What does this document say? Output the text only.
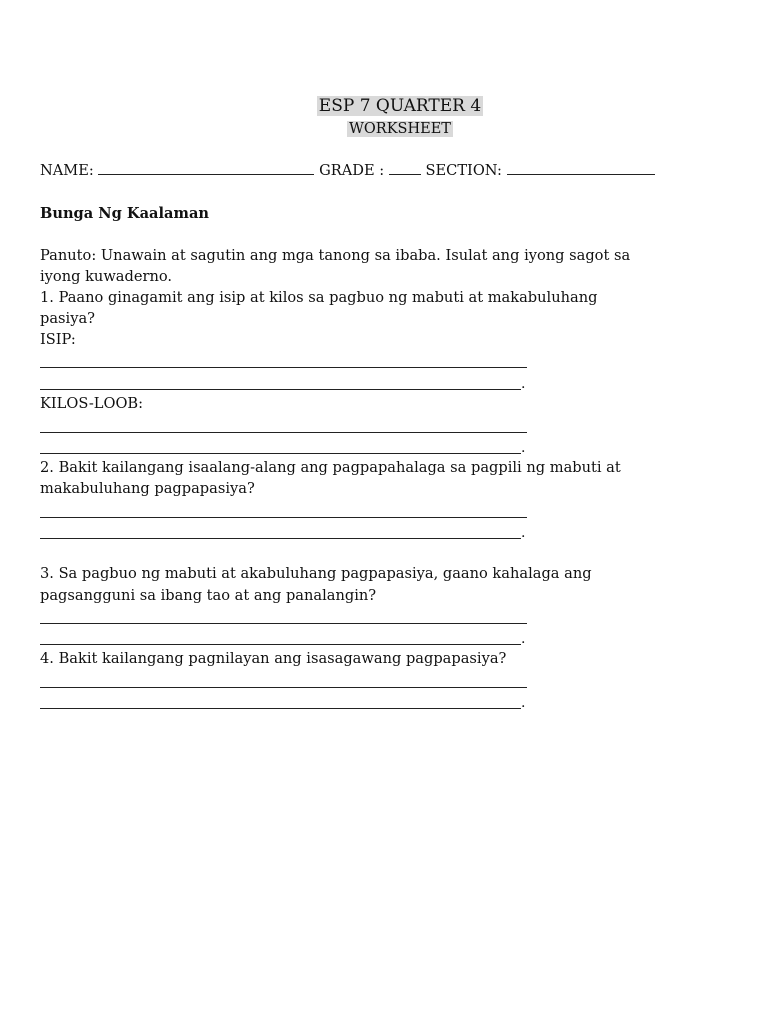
ESP 7 QUARTER 4
WORKSHEET
NAME:	GRADE :	SECTION:
Bunga Ng Kaalaman
Panuto: Unawain at sagutin ang mga tanong sa ibaba. Isulat ang iyong sagot sa
iyong kuwaderno.
1. Paano ginagamit ang isip at kilos sa pagbuo ng mabuti at makabuluhang
pasiya?
ISIP:
.
KILOS-LOOB:
.
2. Bakit kailangang isaalang-alang ang pagpapahalaga sa pagpili ng mabuti at
makabuluhang pagpapasiya?
.
3. Sa pagbuo ng mabuti at akabuluhang pagpapasiya, gaano kahalaga ang
pagsangguni sa ibang tao at ang panalangin?
.
4. Bakit kailangang pagnilayan ang isasagawang pagpapasiya?
.
